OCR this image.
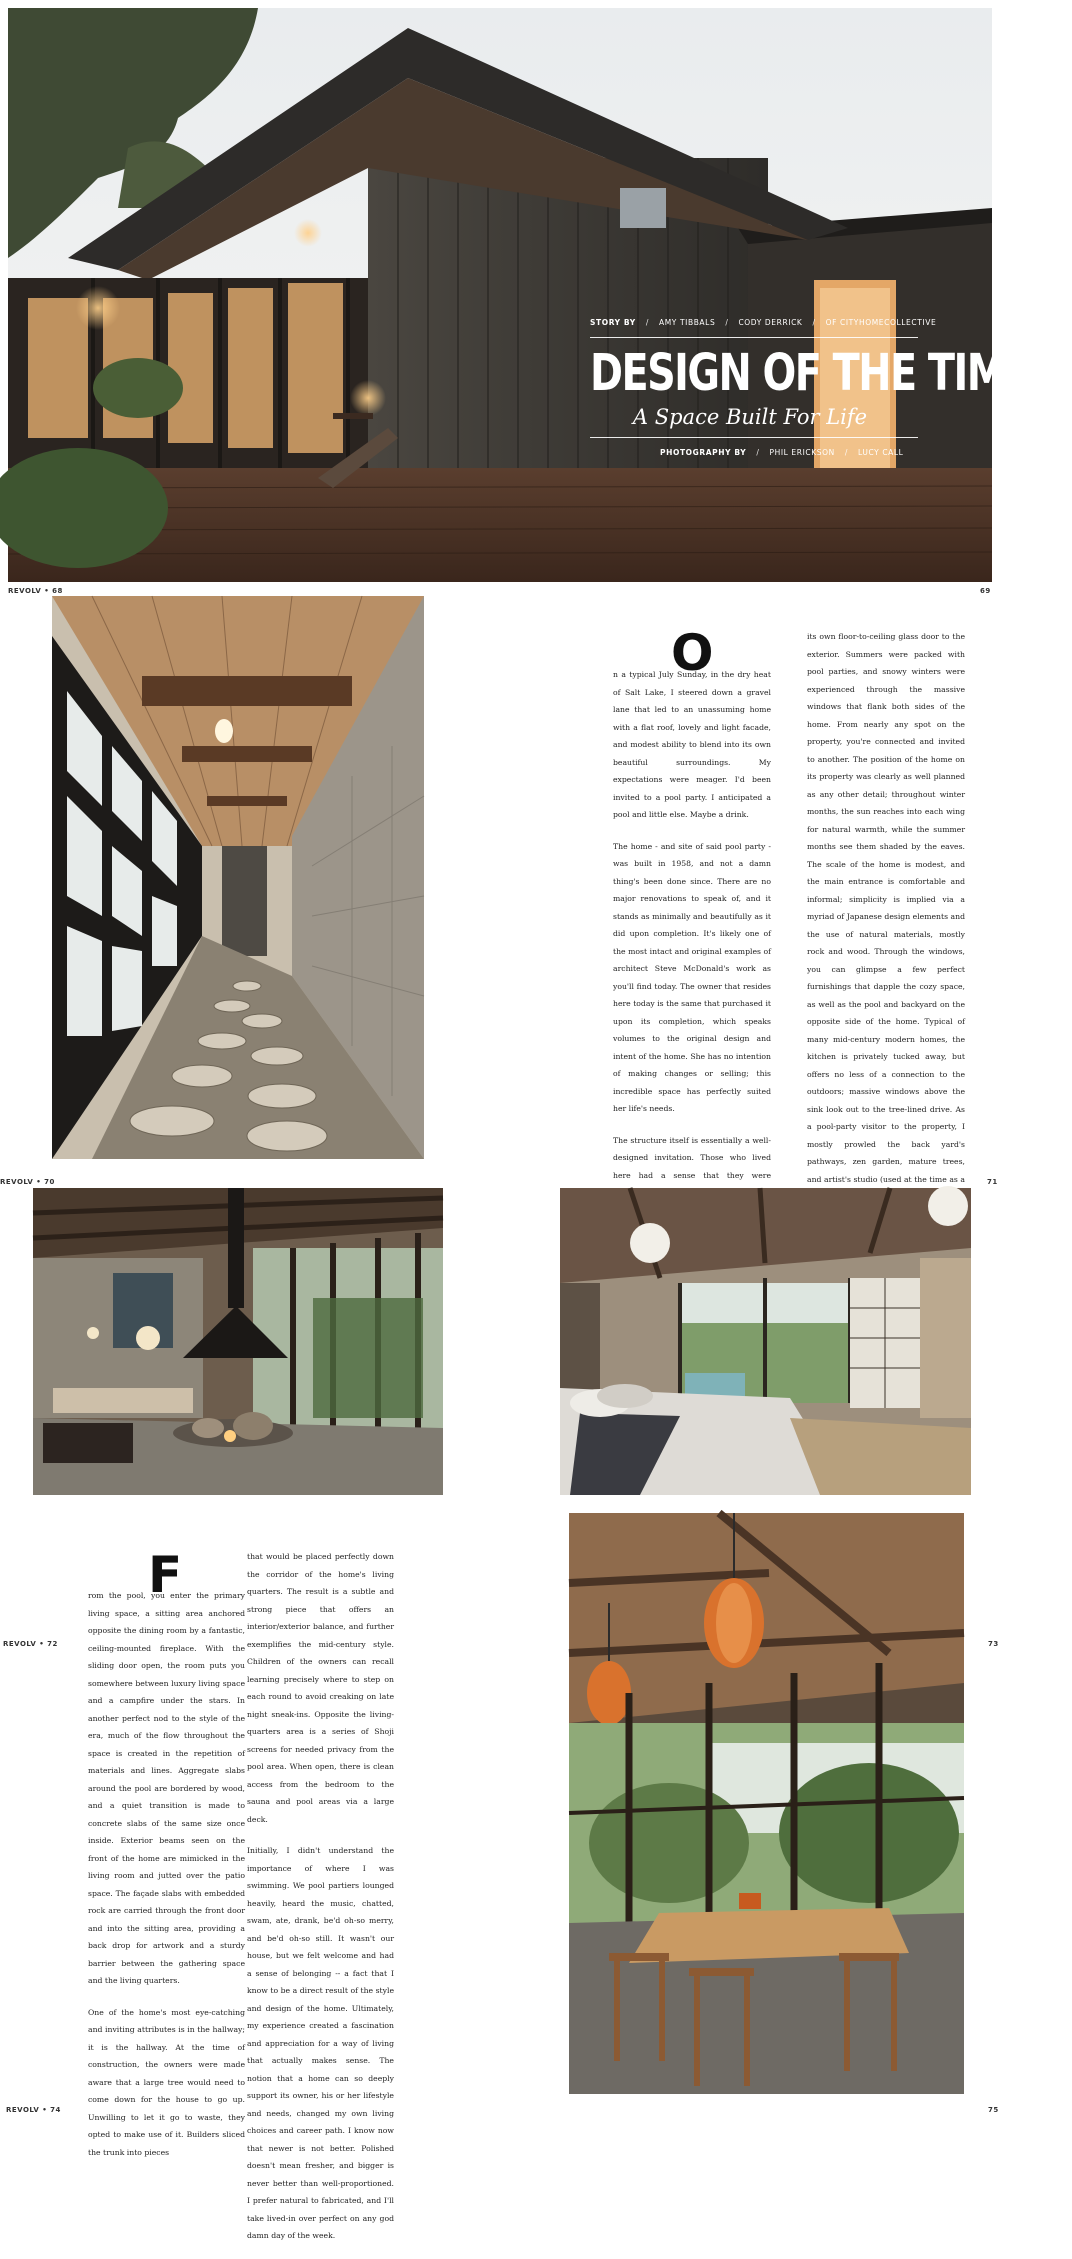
STORY BY / AMY TIBBALS / CODY DERRICK / OF CITYHOMECOLLECTIVE
DESIGN OF THE TIMES:
A Space Built For Life
PHOTOGRAPHY BY / PHIL ERICKSON / LUCY CALL
REVOLV • 68	69
O

n a typical July Sunday, in the dry heat of Salt Lake, I steered down a gravel lane that led to an unassuming home with a flat roof, lovely and light facade, and modest ability to blend into its own beautiful surroundings. My expectations were meager. I'd been invited to a pool party. I anticipated a pool and little else. Maybe a drink.

The home - and site of said pool party - was built in 1958, and not a damn thing's been done since. There are no major renovations to speak of, and it stands as minimally and beautifully as it did upon completion. It's likely one of the most intact and original examples of architect Steve McDonald's work as you'll find today. The owner that resides here today is the same that purchased it upon its completion, which speaks volumes to the original design and intent of the home. She has no intention of making changes or selling; this incredible space has perfectly suited her life's needs.

The structure itself is essentially a well-designed invitation. Those who lived here had a sense that they were

its own floor-to-ceiling glass door to the exterior. Summers were packed with pool parties, and snowy winters were experienced through the massive windows that flank both sides of the home. From nearly any spot on the property, you're connected and invited to another. The position of the home on its property was clearly as well planned as any other detail; throughout winter months, the sun reaches into each wing for natural warmth, while the summer months see them shaded by the eaves. The scale of the home is modest, and the main entrance is comfortable and informal; simplicity is implied via a myriad of Japanese design elements and the use of natural materials, mostly rock and wood. Through the windows, you can glimpse a few perfect furnishings that dapple the cozy space, as well as the pool and backyard on the opposite side of the home. Typical of many mid-century modern homes, the kitchen is privately tucked away, but offers no less of a connection to the outdoors; massive windows above the sink look out to the tree-lined drive. As a pool-party visitor to the property, I mostly prowled the back yard's pathways, zen garden, mature trees, and artist's studio (used at the time as a

REVOLV • 70	71
F

rom the pool, you enter the primary living space, a sitting area anchored opposite the dining room by a fantastic, ceiling-mounted fireplace. With the sliding door open, the room puts you somewhere between luxury living space and a campfire under the stars. In another perfect nod to the style of the era, much of the flow throughout the space is created in the repetition of materials and lines. Aggregate slabs around the pool are bordered by wood, and a quiet transition is made to concrete slabs of the same size once inside. Exterior beams seen on the front of the home are mimicked in the living room and jutted over the patio space. The façade slabs with embedded rock are carried through the front door and into the sitting area, providing a back drop for artwork and a sturdy barrier between the gathering space and the living quarters.

One of the home's most eye-catching and inviting attributes is in the hallway; it is the hallway. At the time of construction, the owners were made aware that a large tree would need to come down for the house to go up. Unwilling to let it go to waste, they opted to make use of it. Builders sliced the trunk into pieces

that would be placed perfectly down the corridor of the home's living quarters. The result is a subtle and strong piece that offers an interior/exterior balance, and further exemplifies the mid-century style. Children of the owners can recall learning precisely where to step on each round to avoid creaking on late night sneak-ins. Opposite the living-quarters area is a series of Shoji screens for needed privacy from the pool area. When open, there is clean access from the bedroom to the sauna and pool areas via a large deck.

Initially, I didn't understand the importance of where I was swimming. We pool partiers lounged heavily, heard the music, chatted, swam, ate, drank, be'd oh-so merry, and be'd oh-so still. It wasn't our house, but we felt welcome and had a sense of belonging -- a fact that I know to be a direct result of the style and design of the home. Ultimately, my experience created a fascination and appreciation for a way of living that actually makes sense. The notion that a home can so deeply support its owner, his or her lifestyle and needs, changed my own living choices and career path. I know now that newer is not better. Polished doesn't mean fresher, and bigger is never better than well-proportioned. I prefer natural to fabricated, and I'll take lived-in over perfect on any god damn day of the week.

REVOLV • 72	73
REVOLV • 74	75
